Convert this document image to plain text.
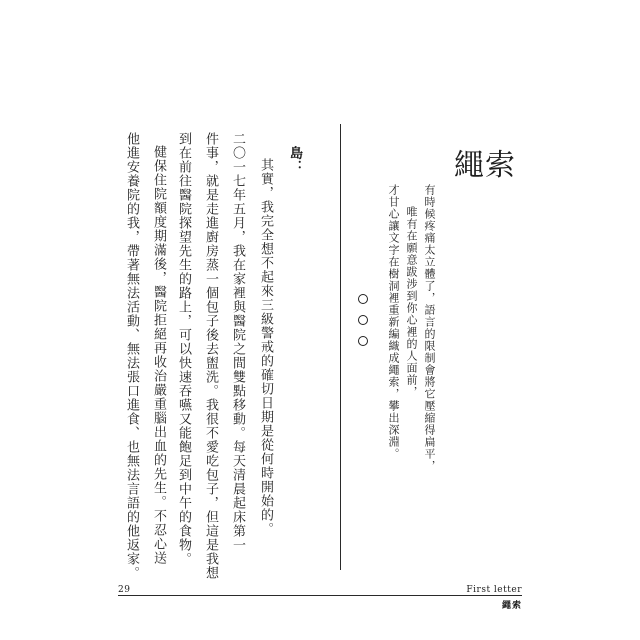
繩索
有時候疼痛太立體了，語言的限制會將它壓縮得扁平，
唯有在願意跋涉到你心裡的人面前，
才甘心讓文字在樹洞裡重新編織成繩索，攀出深淵。
島：
其實，我完全想不起來三級警戒的確切日期是從何時開始的。
二〇一七年五月，我在家裡與醫院之間雙點移動。每天清晨起床第一
件事，就是走進廚房蒸一個包子後去盥洗。我很不愛吃包子，但這是我想
到在前往醫院探望先生的路上，可以快速吞嚥又能飽足到中午的食物。
健保住院額度期滿後，醫院拒絕再收治嚴重腦出血的先生。不忍心送
他進安養院的我，帶著無法活動、無法張口進食、也無法言語的他返家。
29	First letter
繩索
